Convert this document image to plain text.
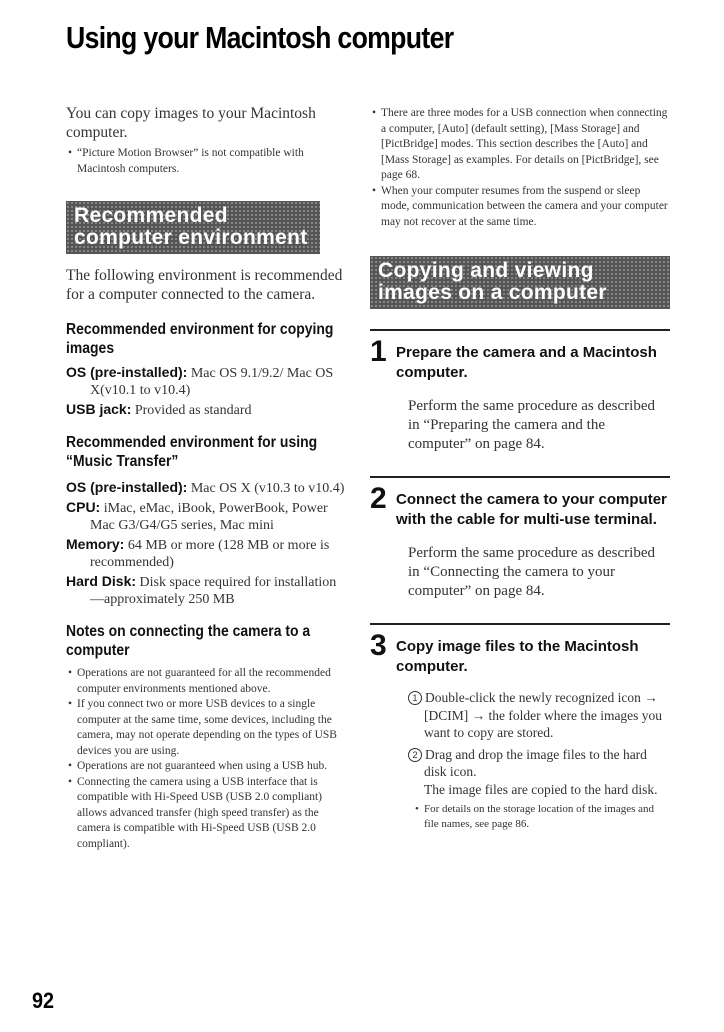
Using your Macintosh computer

You can copy images to your Macintosh computer.

• “Picture Motion Browser” is not compatible with Macintosh computers.

Recommended computer environment

The following environment is recommended for a computer connected to the camera.

Recommended environment for copying images

OS (pre-installed): Mac OS 9.1/9.2/ Mac OS X(v10.1 to v10.4)

USB jack: Provided as standard

Recommended environment for using “Music Transfer”

OS (pre-installed): Mac OS X (v10.3 to v10.4)

CPU: iMac, eMac, iBook, PowerBook, Power Mac G3/G4/G5 series, Mac mini

Memory: 64 MB or more (128 MB or more is recommended)

Hard Disk: Disk space required for installation—approximately 250 MB

Notes on connecting the camera to a computer

• Operations are not guaranteed for all the recommended computer environments mentioned above.

• If you connect two or more USB devices to a single computer at the same time, some devices, including the camera, may not operate depending on the types of USB devices you are using.

• Operations are not guaranteed when using a USB hub.

• Connecting the camera using a USB interface that is compatible with Hi-Speed USB (USB 2.0 compliant) allows advanced transfer (high speed transfer) as the camera is compatible with Hi-Speed USB (USB 2.0 compliant).

• There are three modes for a USB connection when connecting a computer, [Auto] (default setting), [Mass Storage] and [PictBridge] modes. This section describes the [Auto] and [Mass Storage] as examples. For details on [PictBridge], see page 68.

• When your computer resumes from the suspend or sleep mode, communication between the camera and your computer may not recover at the same time.

Copying and viewing images on a computer
1 Prepare the camera and a Macintosh computer.

Perform the same procedure as described in “Preparing the camera and the computer” on page 84.

2 Connect the camera to your computer with the cable for multi-use terminal.

Perform the same procedure as described in “Connecting the camera to your computer” on page 84.

3 Copy image files to the Macintosh computer.

1 Double-click the newly recognized icon → [DCIM] → the folder where the images you want to copy are stored.

2 Drag and drop the image files to the hard disk icon.

The image files are copied to the hard disk.

• For details on the storage location of the images and file names, see page 86.

92
